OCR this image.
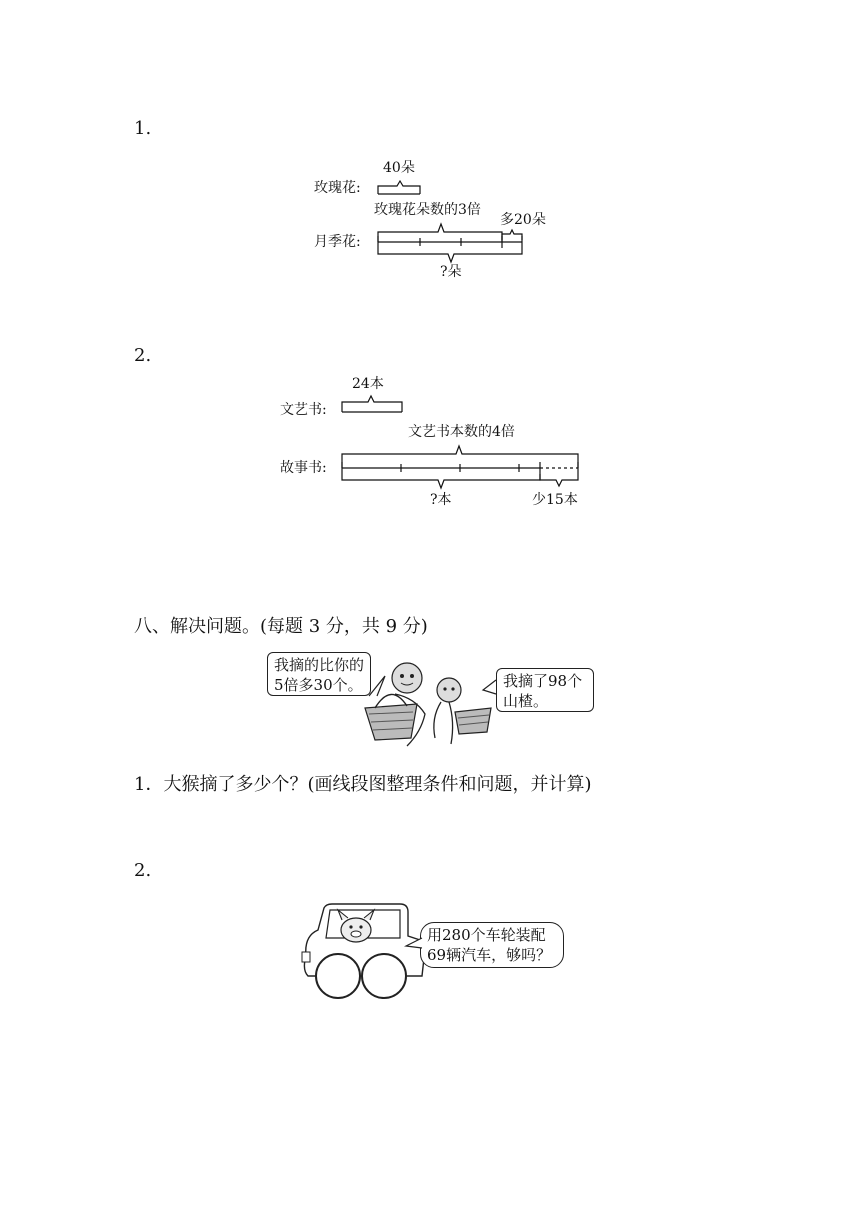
1.
40朵
玫瑰花:
玫瑰花朵数的3倍
多20朵
月季花:
?朵
2.
24本
文艺书:
文艺书本数的4倍
故事书:
?本	少15本
八、解决问题。(每题 3 分，共 9 分)
我摘的比你的
5倍多30个。	我摘了98个
山楂。
1．大猴摘了多少个？(画线段图整理条件和问题，并计算)
2.
用280个车轮装配
69辆汽车，够吗？
